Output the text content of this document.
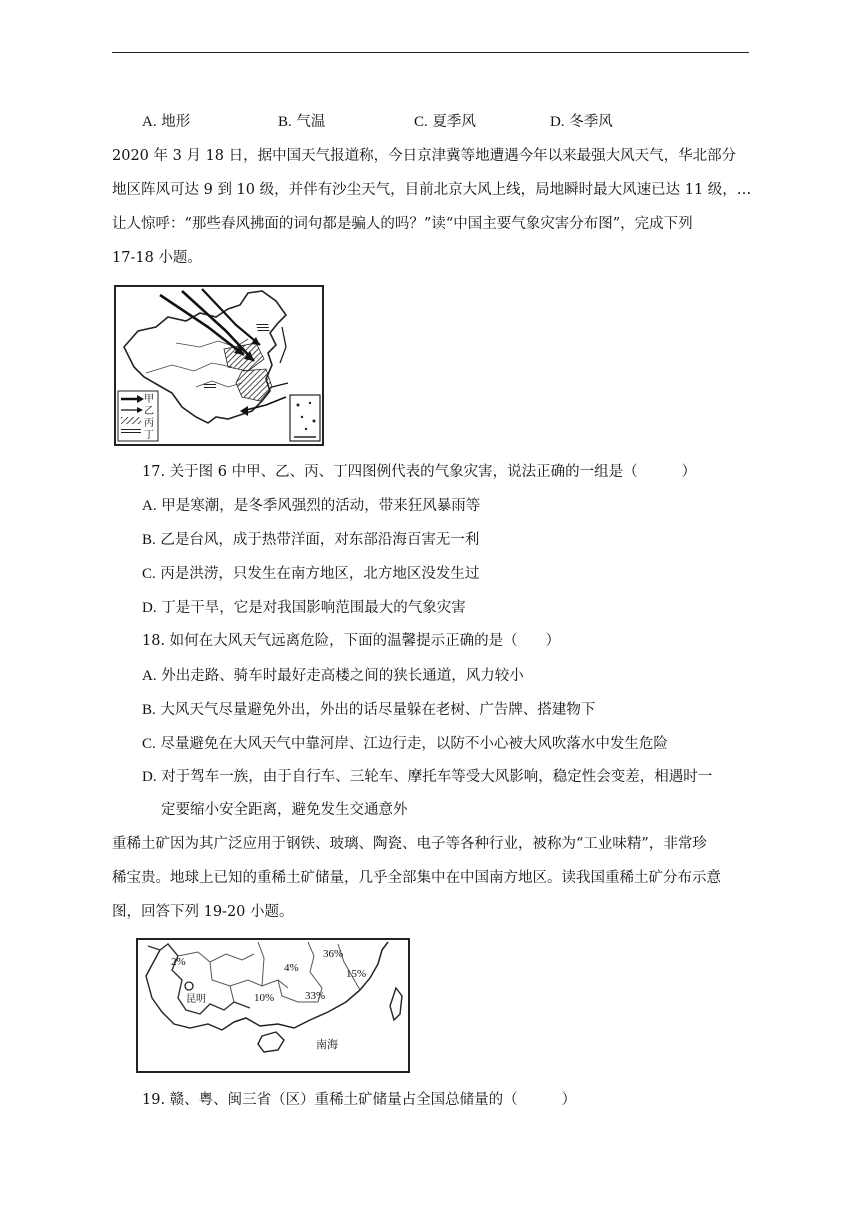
A. 地形	B. 气温	C. 夏季风	D. 冬季风
2020 年 3 月 18 日，据中国天气报道称，今日京津冀等地遭遇今年以来最强大风天气，华北部分
地区阵风可达 9 到 10 级，并伴有沙尘天气，目前北京大风上线，局地瞬时最大风速已达 11 级，…
让人惊呼：“那些春风拂面的词句都是骗人的吗？”读“中国主要气象灾害分布图”，完成下列
17-18 小题。
甲
乙
丙
丁
17. 关于图 6 中甲、乙、丙、丁四图例代表的气象灾害，说法正确的一组是（	）
A. 甲是寒潮，是冬季风强烈的活动，带来狂风暴雨等
B. 乙是台风，成于热带洋面，对东部沿海百害无一利
C. 丙是洪涝，只发生在南方地区，北方地区没发生过
D. 丁是干旱，它是对我国影响范围最大的气象灾害
18. 如何在大风天气远离危险，下面的温馨提示正确的是（ ）
A. 外出走路、骑车时最好走高楼之间的狭长通道，风力较小
B. 大风天气尽量避免外出，外出的话尽量躲在老树、广告牌、搭建物下
C. 尽量避免在大风天气中靠河岸、江边行走，以防不小心被大风吹落水中发生危险
D. 对于驾车一族，由于自行车、三轮车、摩托车等受大风影响，稳定性会变差，相遇时一
定要缩小安全距离，避免发生交通意外
重稀土矿因为其广泛应用于钢铁、玻璃、陶瓷、电子等各种行业，被称为“工业味精”，非常珍
稀宝贵。地球上已知的重稀土矿储量，几乎全部集中在中国南方地区。读我国重稀土矿分布示意
图，回答下列 19-20 小题。
2%
昆明
4%
36%
15%
10%	33%
南海
19. 赣、粤、闽三省（区）重稀土矿储量占全国总储量的（	）
